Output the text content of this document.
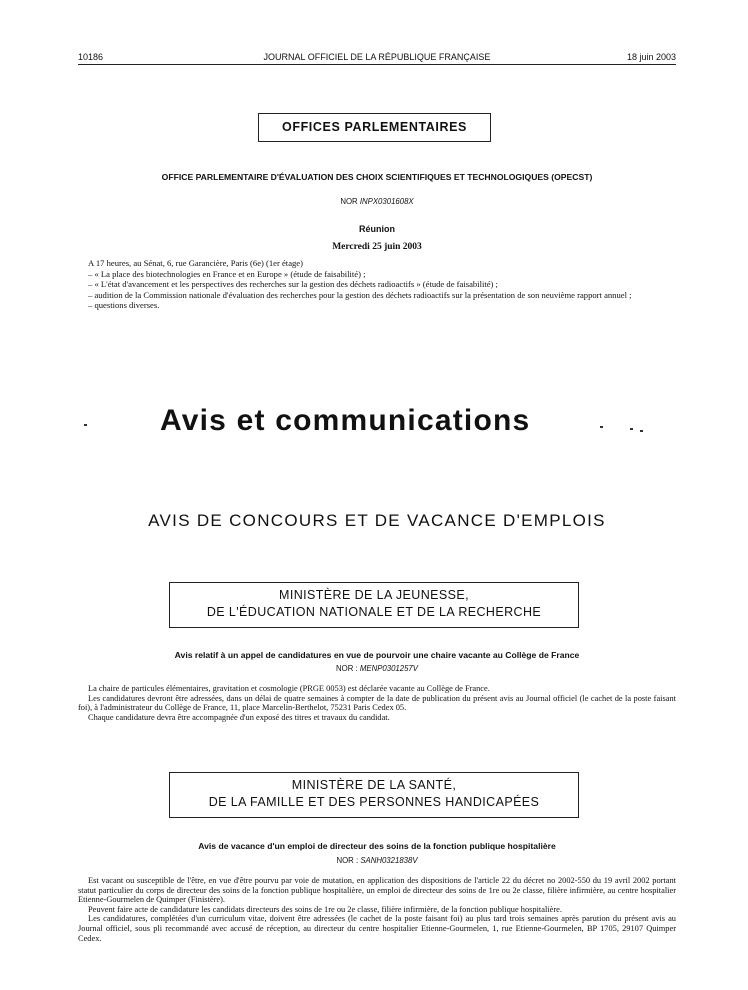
10186	JOURNAL OFFICIEL DE LA RÉPUBLIQUE FRANÇAISE	18 juin 2003
OFFICES PARLEMENTAIRES
OFFICE PARLEMENTAIRE D'ÉVALUATION DES CHOIX SCIENTIFIQUES ET TECHNOLOGIQUES (OPECST)
NOR INPX0301608X
Réunion
Mercredi 25 juin 2003
A 17 heures, au Sénat, 6, rue Garancière, Paris (6e) (1er étage)
– « La place des biotechnologies en France et en Europe » (étude de faisabilité) ;
– « L'état d'avancement et les perspectives des recherches sur la gestion des déchets radioactifs » (étude de faisabilité) ;
– audition de la Commission nationale d'évaluation des recherches pour la gestion des déchets radioactifs sur la présentation de son neuvième rapport annuel ;
– questions diverses.
Avis et communications
AVIS DE CONCOURS ET DE VACANCE D'EMPLOIS
MINISTÈRE DE LA JEUNESSE,
DE L'ÉDUCATION NATIONALE ET DE LA RECHERCHE
Avis relatif à un appel de candidatures en vue de pourvoir une chaire vacante au Collège de France
NOR : MENP0301257V

La chaire de particules élémentaires, gravitation et cosmologie (PRGE 0053) est déclarée vacante au Collège de France.

Les candidatures devront être adressées, dans un délai de quatre semaines à compter de la date de publication du présent avis au Journal officiel (le cachet de la poste faisant foi), à l'administrateur du Collège de France, 11, place Marcelin-Berthelot, 75231 Paris Cedex 05.

Chaque candidature devra être accompagnée d'un exposé des titres et travaux du candidat.

MINISTÈRE DE LA SANTÉ,
DE LA FAMILLE ET DES PERSONNES HANDICAPÉES
Avis de vacance d'un emploi de directeur des soins de la fonction publique hospitalière
NOR : SANH0321838V

Est vacant ou susceptible de l'être, en vue d'être pourvu par voie de mutation, en application des dispositions de l'article 22 du décret no 2002-550 du 19 avril 2002 portant statut particulier du corps de directeur des soins de la fonction publique hospitalière, un emploi de directeur des soins de 1re ou 2e classe, filière infirmière, au centre hospitalier Etienne-Gourmelen de Quimper (Finistère).

Peuvent faire acte de candidature les candidats directeurs des soins de 1re ou 2e classe, filière infirmière, de la fonction publique hospitalière.

Les candidatures, complétées d'un curriculum vitae, doivent être adressées (le cachet de la poste faisant foi) au plus tard trois semaines après parution du présent avis au Journal officiel, sous pli recommandé avec accusé de réception, au directeur du centre hospitalier Etienne-Gourmelen, 1, rue Etienne-Gourmelen, BP 1705, 29107 Quimper Cedex.
